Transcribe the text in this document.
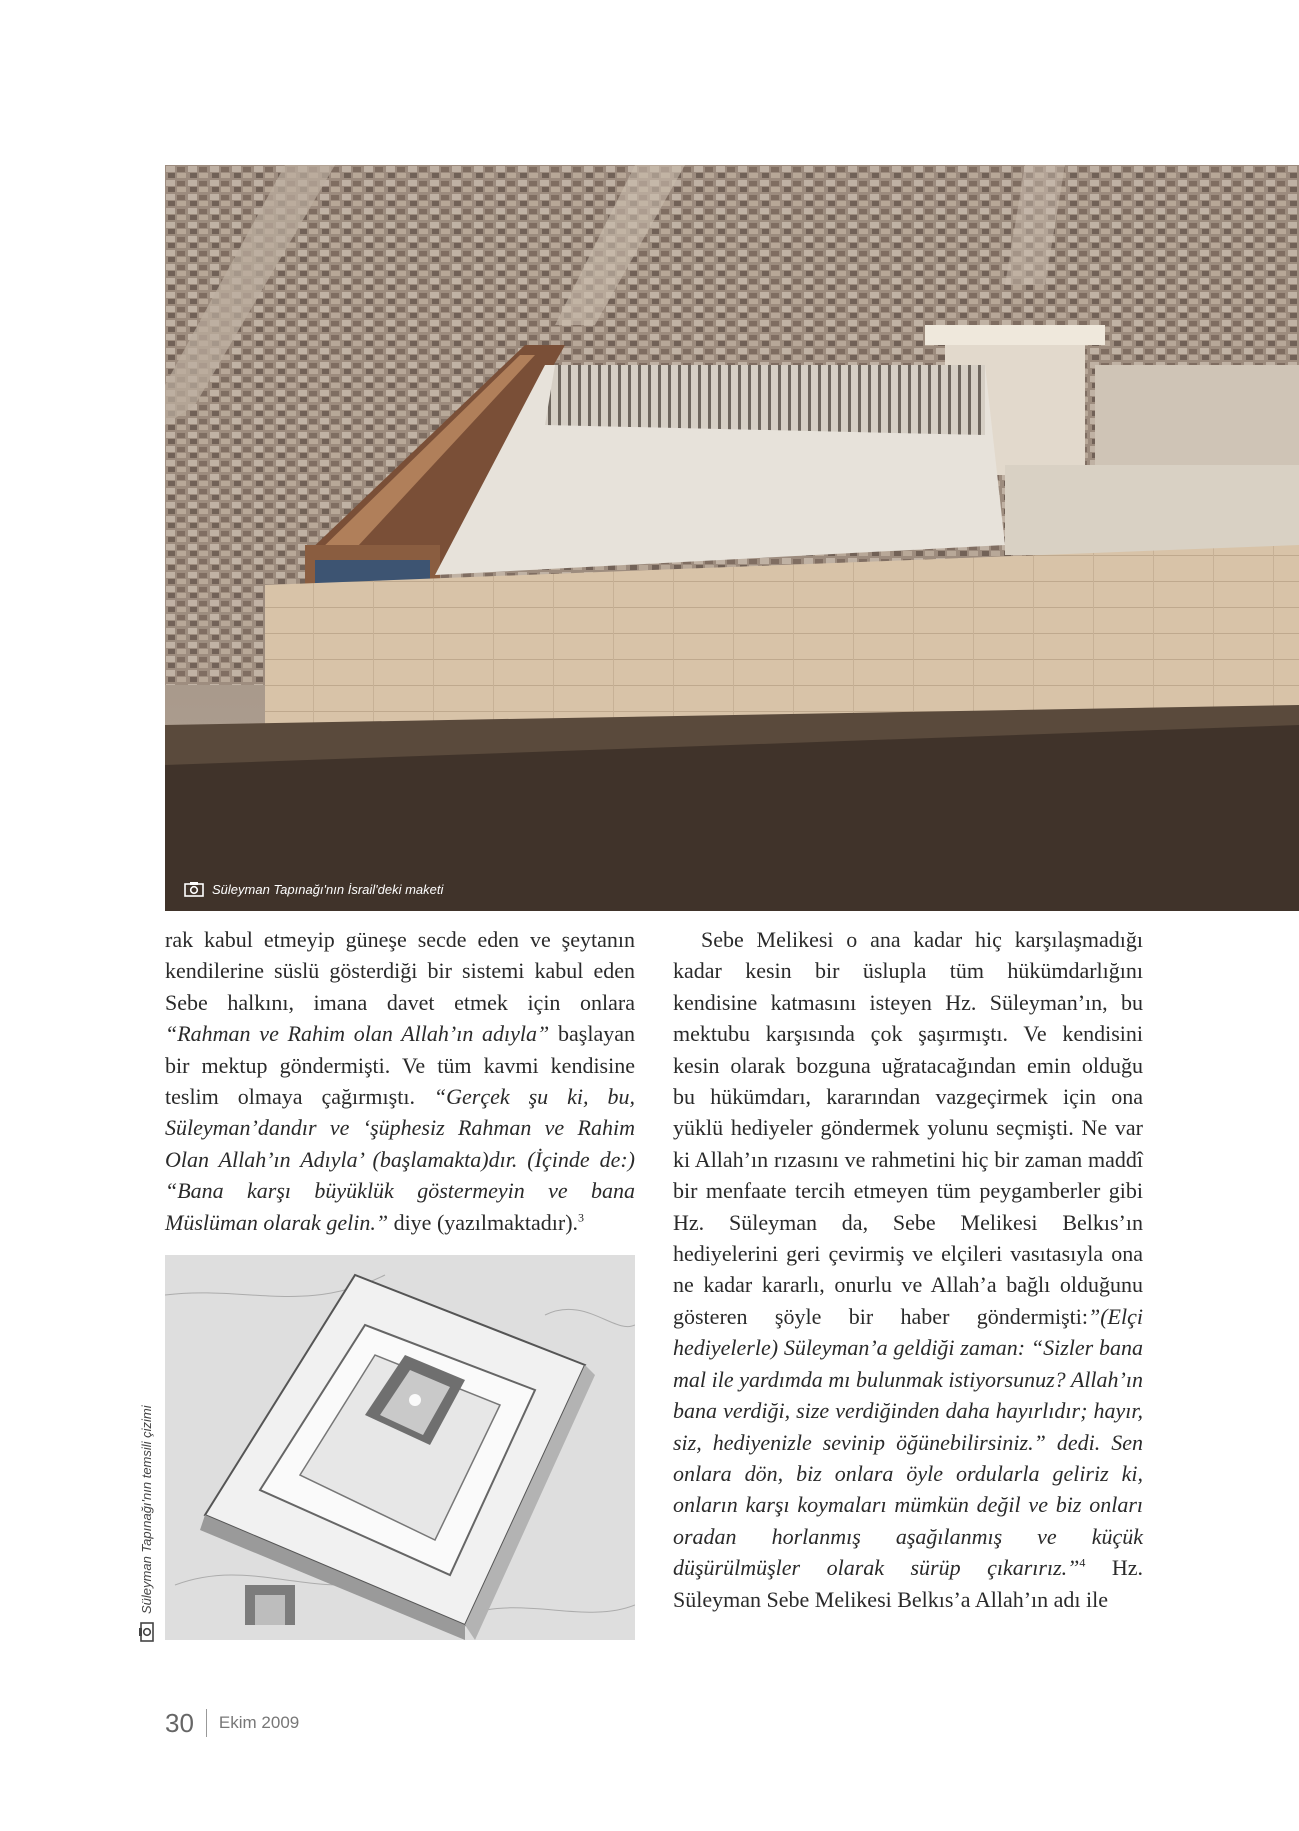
Süleyman Tapınağı'nın İsrail'deki maketi

rak kabul etmeyip güneşe secde eden ve şeytanın kendilerine süslü gösterdiği bir sistemi kabul eden Sebe halkını, imana davet etmek için onlara “Rahman ve Rahim olan Allah’ın adıyla” başlayan bir mektup göndermişti. Ve tüm kavmi kendisine teslim olmaya çağırmıştı. “Gerçek şu ki, bu, Süleyman’dandır ve ‘şüphesiz Rahman ve Rahim Olan Allah’ın Adıyla’ (başlamakta)dır. (İçinde de:) “Bana karşı büyüklük göstermeyin ve bana Müslüman olarak gelin.” diye (yazılmaktadır).$^3$

Süleyman Tapınağı'nın temsili çizimi

Sebe Melikesi o ana kadar hiç karşılaşmadığı kadar kesin bir üslupla tüm hükümdarlığını kendisine katmasını isteyen Hz. Süleyman’ın, bu mektubu karşısında çok şaşırmıştı. Ve kendisini kesin olarak bozguna uğratacağından emin olduğu bu hükümdarı, kararından vazgeçirmek için ona yüklü hediyeler göndermek yolunu seçmişti. Ne var ki Allah’ın rızasını ve rahmetini hiç bir zaman maddî bir menfaate tercih etmeyen tüm peygamberler gibi Hz. Süleyman da, Sebe Melikesi Belkıs’ın hediyelerini geri çevirmiş ve elçileri vasıtasıyla ona ne kadar kararlı, onurlu ve Allah’a bağlı olduğunu gösteren şöyle bir haber göndermişti:”(Elçi hediyelerle) Süleyman’a geldiği zaman: “Sizler bana mal ile yardımda mı bulunmak istiyorsunuz? Allah’ın bana verdiği, size verdiğinden daha hayırlıdır; hayır, siz, hediyenizle sevinip öğünebilirsiniz.” dedi. Sen onlara dön, biz onlara öyle ordularla geliriz ki, onların karşı koymaları mümkün değil ve biz onları oradan horlanmış aşağılanmış ve küçük düşürülmüşler olarak sürüp çıkarırız.”$^4$ Hz. Süleyman Sebe Melikesi Belkıs’a Allah’ın adı ile

30 Ekim 2009
